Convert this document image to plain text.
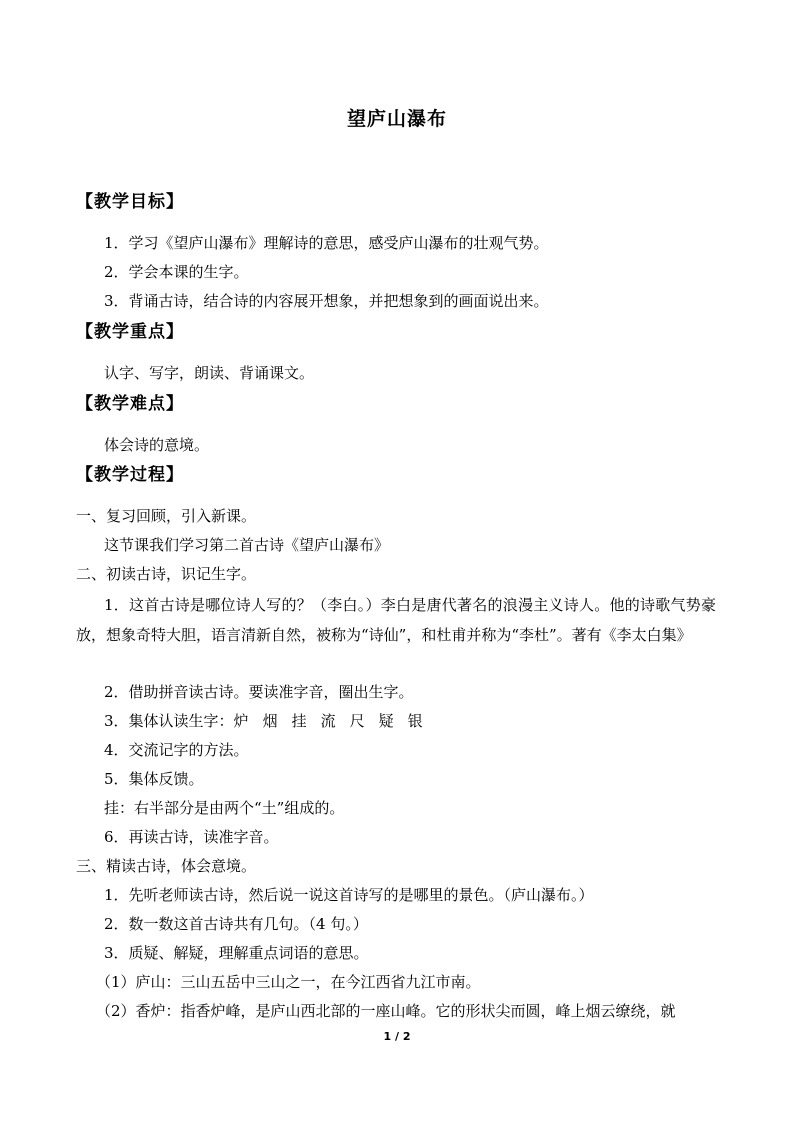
望庐山瀑布
【教学目标】
1．学习《望庐山瀑布》理解诗的意思，感受庐山瀑布的壮观气势。
2．学会本课的生字。
3．背诵古诗，结合诗的内容展开想象，并把想象到的画面说出来。
【教学重点】
认字、写字，朗读、背诵课文。
【教学难点】
体会诗的意境。
【教学过程】
一、复习回顾，引入新课。
这节课我们学习第二首古诗《望庐山瀑布》
二、初读古诗，识记生字。
1．这首古诗是哪位诗人写的？（李白。）李白是唐代著名的浪漫主义诗人。他的诗歌气势豪放，想象奇特大胆，语言清新自然，被称为“诗仙”，和杜甫并称为“李杜”。著有《李太白集》
2．借助拼音读古诗。要读准字音，圈出生字。
3．集体认读生字：炉 烟 挂 流 尺 疑 银
4．交流记字的方法。
5．集体反馈。
挂：右半部分是由两个“土”组成的。
6．再读古诗，读准字音。
三、精读古诗，体会意境。
1．先听老师读古诗，然后说一说这首诗写的是哪里的景色。（庐山瀑布。）
2．数一数这首古诗共有几句。（4 句。）
3．质疑、解疑，理解重点词语的意思。
（1）庐山：三山五岳中三山之一，在今江西省九江市南。
（2）香炉：指香炉峰，是庐山西北部的一座山峰。它的形状尖而圆，峰上烟云缭绕，就
1 / 2
